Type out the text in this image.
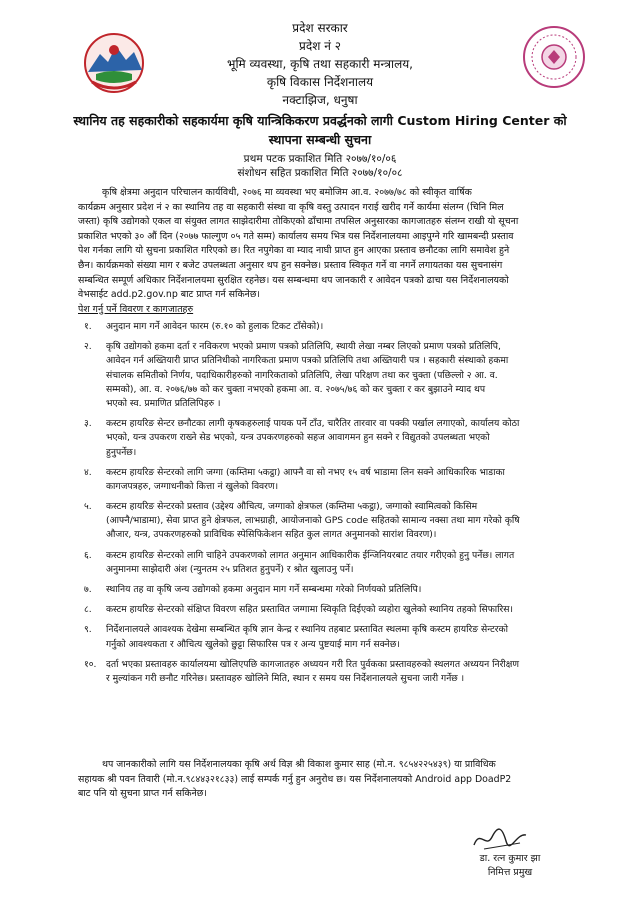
प्रदेश सरकार
प्रदेश नं २
भूमि व्यवस्था, कृषि तथा सहकारी मन्त्रालय,
कृषि विकास निर्देशनालय
नक्टाझिज, धनुषा
स्थानिय तह सहकारीको सहकार्यमा कृषि यान्त्रिकिकरण प्रवर्द्धनको लागी Custom Hiring Center को
स्थापना सम्बन्धी सुचना
प्रथम पटक प्रकाशित मिति २०७७/१०/०६
संशोधन सहित प्रकाशित मिति २०७७/१०/०८
कृषि क्षेत्रमा अनुदान परिचालन कार्यविधी, २०७६ मा व्यवस्था भए बमोजिम आ.व. २०७७/७८ को स्वीकृत वार्षिक
कार्यक्रम अनुसार प्रदेश नं २ का स्थानिय तह वा सहकारी संस्था वा कृषि वस्तु उत्पादन गराई खरीद गर्ने कार्यमा संलग्न (चिनि मिल
जस्ता) कृषि उद्योगको एकल वा संयुक्त लागत साझेदारीमा तोकिएको ढाँचामा तपसिल अनुसारका कागजातहरु संलग्न राखी यो सूचना
प्रकाशित भएको ३० औं दिन (२०७७ फाल्गुण ०५ गते सम्म) कार्यालय समय भित्र यस निर्देशनालयमा आइपुग्ने गरि खामबन्दी प्रस्ताव
पेश गर्नका लागि यो सुचना प्रकाशित गरिएको छ। रित नपुगेका वा म्याद नाघी प्राप्त हुन आएका प्रस्ताव छनौटका लागि समावेश हुने
छैन। कार्यक्रमको संख्या माग र बजेट उपलब्धता अनुसार थप हुन सक्नेछ। प्रस्ताव स्विकृत गर्ने वा नगर्ने लगायतका यस सुचनासंग
सम्बन्धित सम्पूर्ण अधिकार निर्देशनालयमा सुरक्षित रहनेछ। यस सम्बन्धमा थप जानकारी र आवेदन पत्रको ढाचा यस निर्देशनालयको
वेभसाईट add.p2.gov.np बाट प्राप्त गर्न सकिनेछ।
पेश गर्नु पर्ने विवरण र कागजातहरु
१.	अनुदान माग गर्ने आवेदन फारम (रु.१० को हुलाक टिकट टाँसेको)।
२.	कृषि उद्योगको हकमा दर्ता र नविकरण भएको प्रमाण पत्रको प्रतिलिपि, स्थायी लेखा नम्बर लिएको प्रमाण पत्रको प्रतिलिपि,
आवेदन गर्न अख्तियारी प्राप्त प्रतिनिधीको नागरिकता प्रमाण पत्रको प्रतिलिपि तथा अख्तियारी पत्र । सहकारी संस्थाको हकमा
संचालक समितीको निर्णय, पदाधिकारीहरुको नागरिकताको प्रतिलिपि, लेखा परिक्षण तथा कर चुक्ता (पछिल्लो २ आ. व.
सम्मको), आ. व. २०७६/७७ को कर चुक्ता नभएको हकमा आ. व. २०७५/७६ को कर चुक्ता र कर बुझाउने म्याद थप
भएको स्व. प्रमाणित प्रतिलिपिहरु ।
३.	कस्टम हायरिङ सेन्टर छनौटका लागी कृषकहरुलाई पायक पर्ने टाँउ, चारैतिर तारवार वा पक्की पर्खाल लगाएको, कार्यालय कोठा
भएको, यन्त्र उपकरण राख्ने सेड भएको, यन्त्र उपकरणहरुको सहज आवागमन हुन सक्ने र विद्युतको उपलब्धता भएको
हुनुपर्नेछ।
४.	कस्टम हायरिङ सेन्टरको लागि जग्गा (कम्तिमा ५कट्ठा) आफ्नै वा सो नभए १५ वर्ष भाडामा लिन सक्ने आधिकारिक भाडाका
कागजपत्रहरु, जग्गाधनीको कित्ता नं खुलेको विवरण।
५.	कस्टम हायरिङ सेन्टरको प्रस्ताव (उद्देश्य औचित्य, जग्गाको क्षेत्रफल (कम्तिमा ५कट्ठा), जग्गाको स्वामित्वको किसिम
(आफ्नै/भाडामा), सेवा प्राप्त हुने क्षेत्रफल, लाभग्राही, आयोजनाको GPS code सहितको सामान्य नक्सा तथा माग गरेको कृषि
औजार, यन्त्र, उपकरणहरुको प्राविधिक स्पेसिफिकेशन सहित कुल लागत अनुमानको सारांश विवरण)।
६.	कस्टम हायरिङ सेन्टरको लागि चाहिने उपकरणको लागत अनुमान आधिकारीक ईन्जिनियरबाट तयार गरीएको हुनु पर्नेछ। लागत
अनुमानमा साझेदारी अंश (न्युनतम २५ प्रतिशत हुनुपर्ने) र श्रोत खुलाउनु पर्ने।
७.	स्थानिय तह वा कृषि जन्य उद्योगको हकमा अनुदान माग गर्ने सम्बन्धमा गरेको निर्णयको प्रतिलिपि।
८.	कस्टम हायरिङ सेन्टरको संक्षिप्त विवरण सहित प्रस्तावित जग्गामा स्विकृति दिईएको व्यहोरा खुलेको स्थानिय तहको सिफारिस।
९.	निर्देशनालयले आवश्यक देखेमा सम्बन्धित कृषि ज्ञान केन्द्र र स्थानिय तहबाट प्रस्तावित स्थलमा कृषि कस्टम हायरिङ सेन्टरको
गर्नुको आवश्यकता र औचित्य खुलेको छुट्टा सिफारिस पत्र र अन्य पुष्टयाई माग गर्न सक्नेछ।
१०.	दर्ता भएका प्रस्तावहरु कार्यालयमा खोलिएपछि कागजातहरु अध्ययन गरी रित पुर्वकका प्रस्तावहरुको स्थलगत अध्ययन निरीक्षण
र मुल्यांकन गरी छनौट गरिनेछ। प्रस्तावहरु खोलिने मिति, स्थान र समय यस निर्देशनालयले सुचना जारी गर्नेछ ।
थप जानकारीको लागि यस निर्देशनालयका कृषि अर्थ विज्ञ श्री विकाश कुमार साह (मो.न. ९८५४२२५४३९) या प्राविधिक
सहायक श्री पवन तिवारी (मो.न.९८४४३२१८३३) लाई सम्पर्क गर्नु हुन अनुरोध छ। यस निर्देशनालयको Android app DoadP2
बाट पनि यो सुचना प्राप्त गर्न सकिनेछ।
डा. रत्न कुमार झा
निमित्त प्रमुख
